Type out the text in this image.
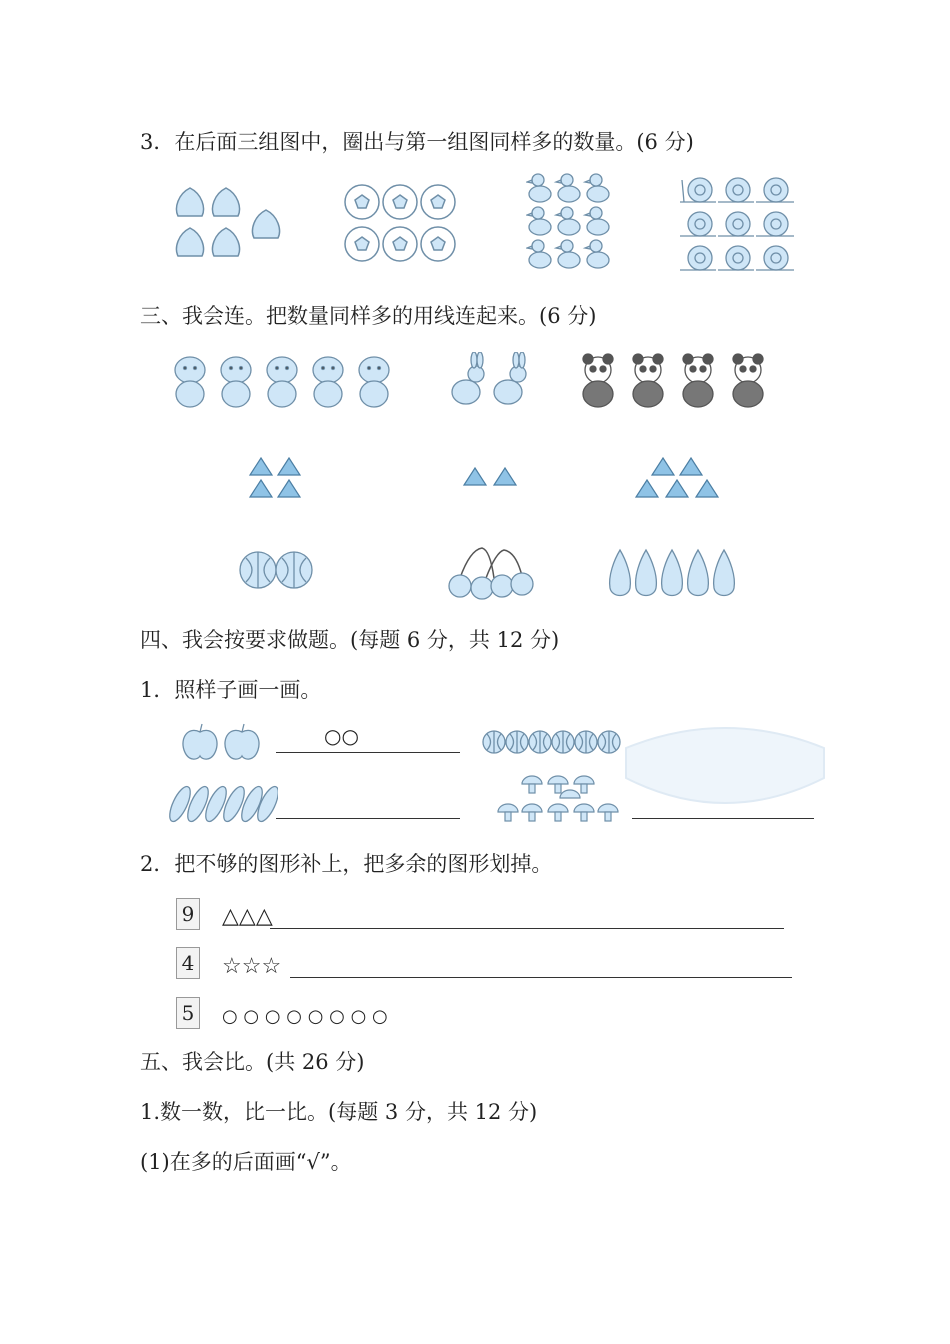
3．在后面三组图中，圈出与第一组图同样多的数量。(6 分)
三、我会连。把数量同样多的用线连起来。(6 分)
四、我会按要求做题。(每题 6 分，共 12 分)
1．照样子画一画。
○○
2．把不够的图形补上，把多余的图形划掉。
9 △△△
4 ☆☆☆
5	○ ○ ○ ○ ○ ○ ○ ○
五、我会比。(共 26 分)
1.数一数，比一比。(每题 3 分，共 12 分)
(1)在多的后面画“√”。
